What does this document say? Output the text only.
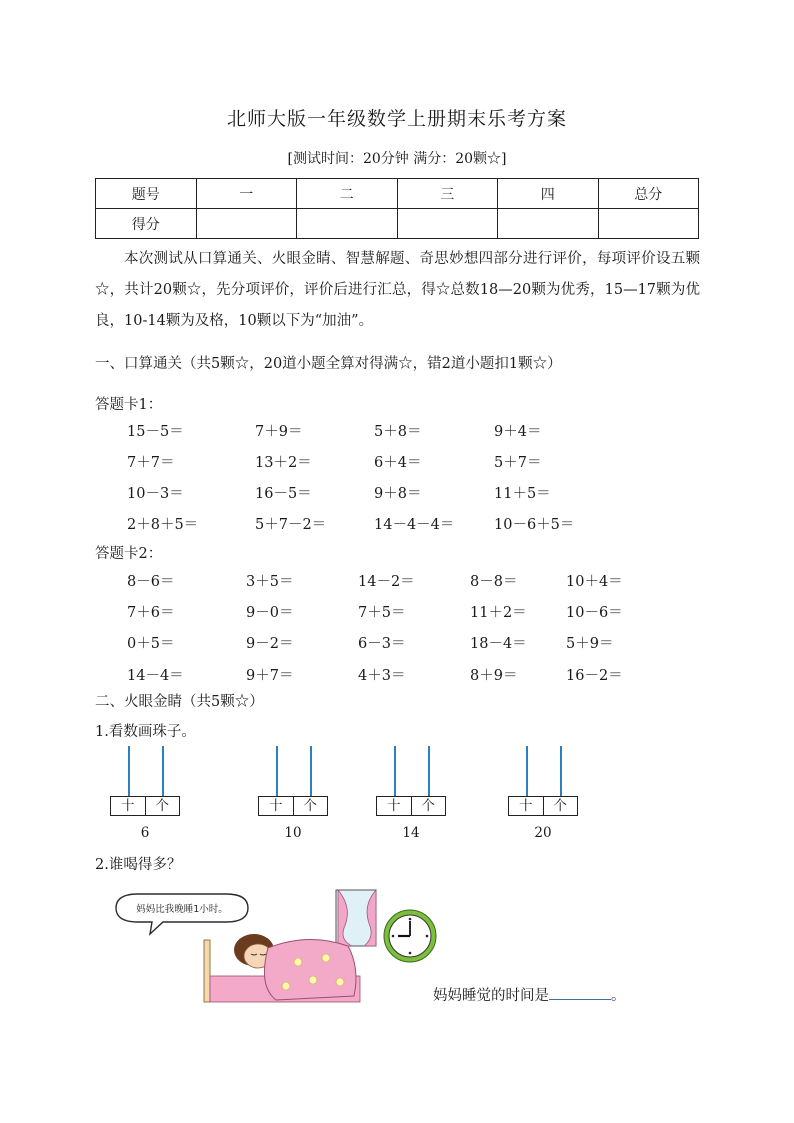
北师大版一年级数学上册期末乐考方案
[测试时间：20分钟 满分：20颗☆]
题号	一	二	三	四	总分
得分					
本次测试从口算通关、火眼金睛、智慧解题、奇思妙想四部分进行评价，每项评价设五颗☆，共计20颗☆，先分项评价，评价后进行汇总，得☆总数18—20颗为优秀，15—17颗为优良，10-14颗为及格，10颗以下为“加油”。
一、口算通关（共5颗☆，20道小题全算对得满☆，错2道小题扣1颗☆）
答题卡1：
15－5＝	7＋9＝	5＋8＝	9＋4＝
7＋7＝	13＋2＝	6＋4＝	5＋7＝
10－3＝	16－5＝	9＋8＝	11＋5＝
2＋8＋5＝	5＋7－2＝	14－4－4＝	10－6＋5＝
答题卡2：
8－6＝	3＋5＝	14－2＝	8－8＝	10＋4＝
7＋6＝	9－0＝	7＋5＝	11＋2＝	10－6＝
0＋5＝	9－2＝	6－3＝	18－4＝	5＋9＝
14－4＝	9＋7＝	4＋3＝	8＋9＝	16－2＝
二、火眼金睛（共5颗☆）
1.看数画珠子。
十	个
6
十	个
10
十	个
14
十	个
20
2.谁喝得多？
妈妈比我晚睡1小时。
妈妈睡觉的时间是	。
